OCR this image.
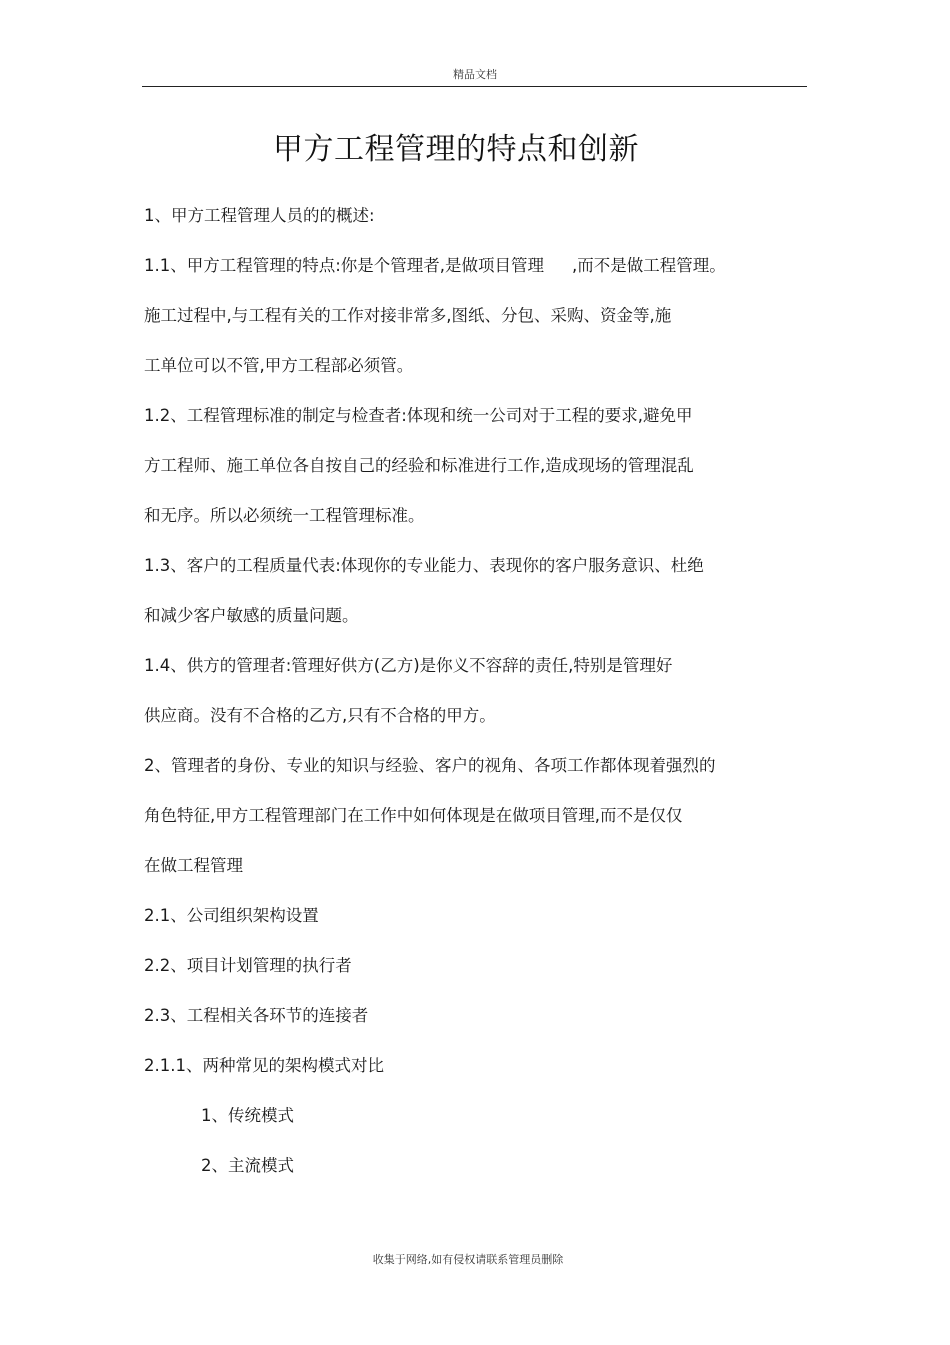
精品文档
甲方工程管理的特点和创新
1、甲方工程管理人员的的概述:
1.1、甲方工程管理的特点:你是个管理者,是做项目管理 ,而不是做工程管理。
施工过程中,与工程有关的工作对接非常多,图纸、分包、采购、资金等,施
工单位可以不管,甲方工程部必须管。
1.2、工程管理标准的制定与检查者:体现和统一公司对于工程的要求,避免甲
方工程师、施工单位各自按自己的经验和标准进行工作,造成现场的管理混乱
和无序。所以必须统一工程管理标准。
1.3、客户的工程质量代表:体现你的专业能力、表现你的客户服务意识、杜绝
和减少客户敏感的质量问题。
1.4、供方的管理者:管理好供方(乙方)是你义不容辞的责任,特别是管理好
供应商。没有不合格的乙方,只有不合格的甲方。
2、管理者的身份、专业的知识与经验、客户的视角、各项工作都体现着强烈的
角色特征,甲方工程管理部门在工作中如何体现是在做项目管理,而不是仅仅
在做工程管理
2.1、公司组织架构设置
2.2、项目计划管理的执行者
2.3、工程相关各环节的连接者
2.1.1、两种常见的架构模式对比
1、传统模式
2、主流模式
收集于网络,如有侵权请联系管理员删除
